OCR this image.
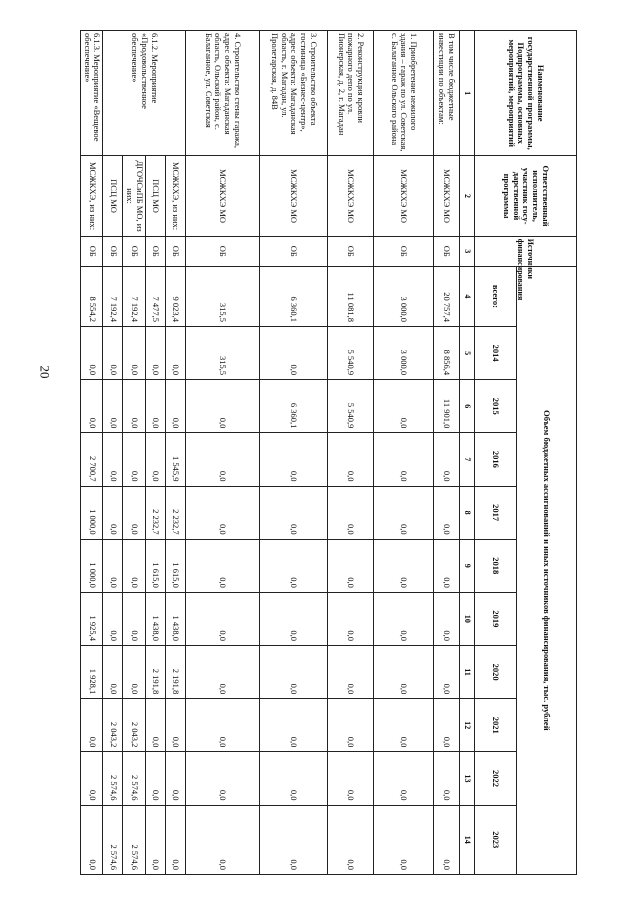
20
Наименование государственной программы, Подпрограммы, основных мероприятий, мероприятий	Ответственный исполнитель, участник госу-дарственной программы	Источники финансирования	Объем бюджетных ассигнований и иных источников финансирования, тыс. рублей										
			всего:	2014	2015	2016	2017	2018	2019	2020	2021	2022	2023
1	2	3	4	5	6	7	8	9	10	11	12	13	14
В том числе бюджетные инвестиции по объектам:	МСЖКХЭ МО	ОБ	20 757,4	8 856,4	11 901,0	0,0	0,0	0,0	0,0	0,0	0,0	0,0	0,0
1. Приобретение нежилого здания – гараж по ул. Советская, с. Балаганное Ольского района	МСЖКХЭ МО	ОБ	3 000,0	3 000,0	0,0	0,0	0,0	0,0	0,0	0,0	0,0	0,0	0,0
2. Реконструкция кровли пожарного депо по ул. Пионерская, д. 2, г. Магадан	МСЖКХЭ МО	ОБ	11 081,8	5 540,9	5 540,9	0,0	0,0	0,0	0,0	0,0	0,0	0,0	0,0
3. Строительство объекта гостиница «Бизнес-центр», адрес объекта: Магаданская область, г. Магадан, ул. Пролетарская, д. 84В	МСЖКХЭ МО	ОБ	6 360,1	0,0	6 360,1	0,0	0,0	0,0	0,0	0,0	0,0	0,0	0,0
4. Строительство стены гаража, адрес объекта: Магаданская область, Ольский район, с. Балаганное, ул. Советская	МСЖКХЭ МО	ОБ	315,5	315,5	0,0	0,0	0,0	0,0	0,0	0,0	0,0	0,0	0,0
6.1.2. Мероприятие «Продовольственное обеспечение»	МСЖКХЭ, из них:	ОБ	9 023,4	0,0	0,0	1 545,9	2 232,7	1 615,0	1 438,0	2 191,8	0,0	0,0	0,0
	ПСЦ МО	ОБ	7 477,5	0,0	0,0	0,0	2 232,7	1 615,0	1 438,0	2 191,8	0,0	0,0	0,0
	ДГОЧСиПБ МО, из них:	ОБ	7 192,4	0,0	0,0	0,0	0,0	0,0	0,0	0,0	2 043,2	2 574,6	2 574,6
	ПСЦ МО	ОБ	7 192,4	0,0	0,0	0,0	0,0	0,0	0,0	0,0	2 043,2	2 574,6	2 574,6
6.1.3. Мероприятие «Вещевое обеспечение»	МСЖКХЭ, из них:	ОБ	8 554,2	0,0	0,0	2 700,7	1 000,0	1 000,0	1 925,4	1 928,1	0,0	0,0	0,0
